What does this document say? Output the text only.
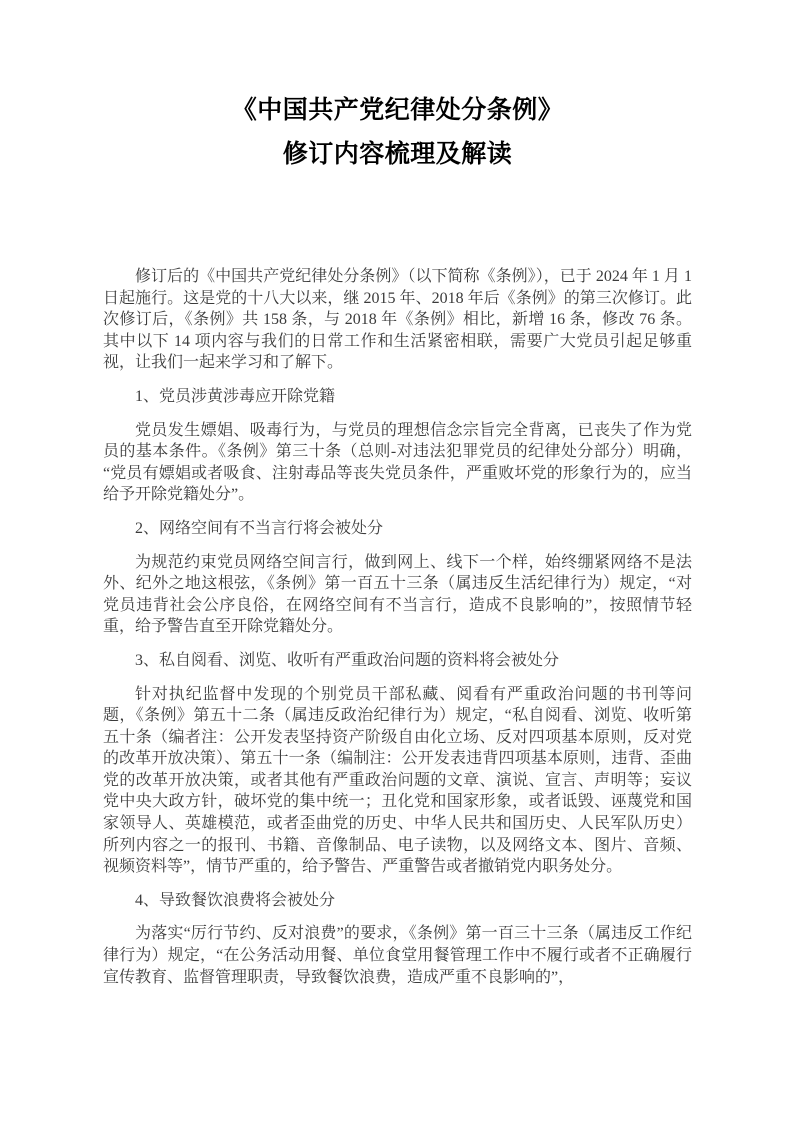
《中国共产党纪律处分条例》
修订内容梳理及解读

修订后的《中国共产党纪律处分条例》（以下简称《条例》），已于 2024 年 1 月 1 日起施行。这是党的十八大以来，继 2015 年、2018 年后《条例》的第三次修订。此次修订后，《条例》共 158 条，与 2018 年《条例》相比，新增 16 条，修改 76 条。其中以下 14 项内容与我们的日常工作和生活紧密相联，需要广大党员引起足够重视，让我们一起来学习和了解下。

1、党员涉黄涉毒应开除党籍

党员发生嫖娼、吸毒行为，与党员的理想信念宗旨完全背离，已丧失了作为党员的基本条件。《条例》第三十条（总则-对违法犯罪党员的纪律处分部分）明确，“党员有嫖娼或者吸食、注射毒品等丧失党员条件，严重败坏党的形象行为的，应当给予开除党籍处分”。

2、网络空间有不当言行将会被处分

为规范约束党员网络空间言行，做到网上、线下一个样，始终绷紧网络不是法外、纪外之地这根弦，《条例》第一百五十三条（属违反生活纪律行为）规定，“对党员违背社会公序良俗，在网络空间有不当言行，造成不良影响的”，按照情节轻重，给予警告直至开除党籍处分。

3、私自阅看、浏览、收听有严重政治问题的资料将会被处分

针对执纪监督中发现的个别党员干部私藏、阅看有严重政治问题的书刊等问题，《条例》第五十二条（属违反政治纪律行为）规定，“私自阅看、浏览、收听第五十条（编者注：公开发表坚持资产阶级自由化立场、反对四项基本原则，反对党的改革开放决策）、第五十一条（编制注：公开发表违背四项基本原则，违背、歪曲党的改革开放决策，或者其他有严重政治问题的文章、演说、宣言、声明等；妄议党中央大政方针，破坏党的集中统一；丑化党和国家形象，或者诋毁、诬蔑党和国家领导人、英雄模范，或者歪曲党的历史、中华人民共和国历史、人民军队历史）所列内容之一的报刊、书籍、音像制品、电子读物，以及网络文本、图片、音频、视频资料等”，情节严重的，给予警告、严重警告或者撤销党内职务处分。

4、导致餐饮浪费将会被处分

为落实“厉行节约、反对浪费”的要求，《条例》第一百三十三条（属违反工作纪律行为）规定，“在公务活动用餐、单位食堂用餐管理工作中不履行或者不正确履行宣传教育、监督管理职责，导致餐饮浪费，造成严重不良影响的”，
